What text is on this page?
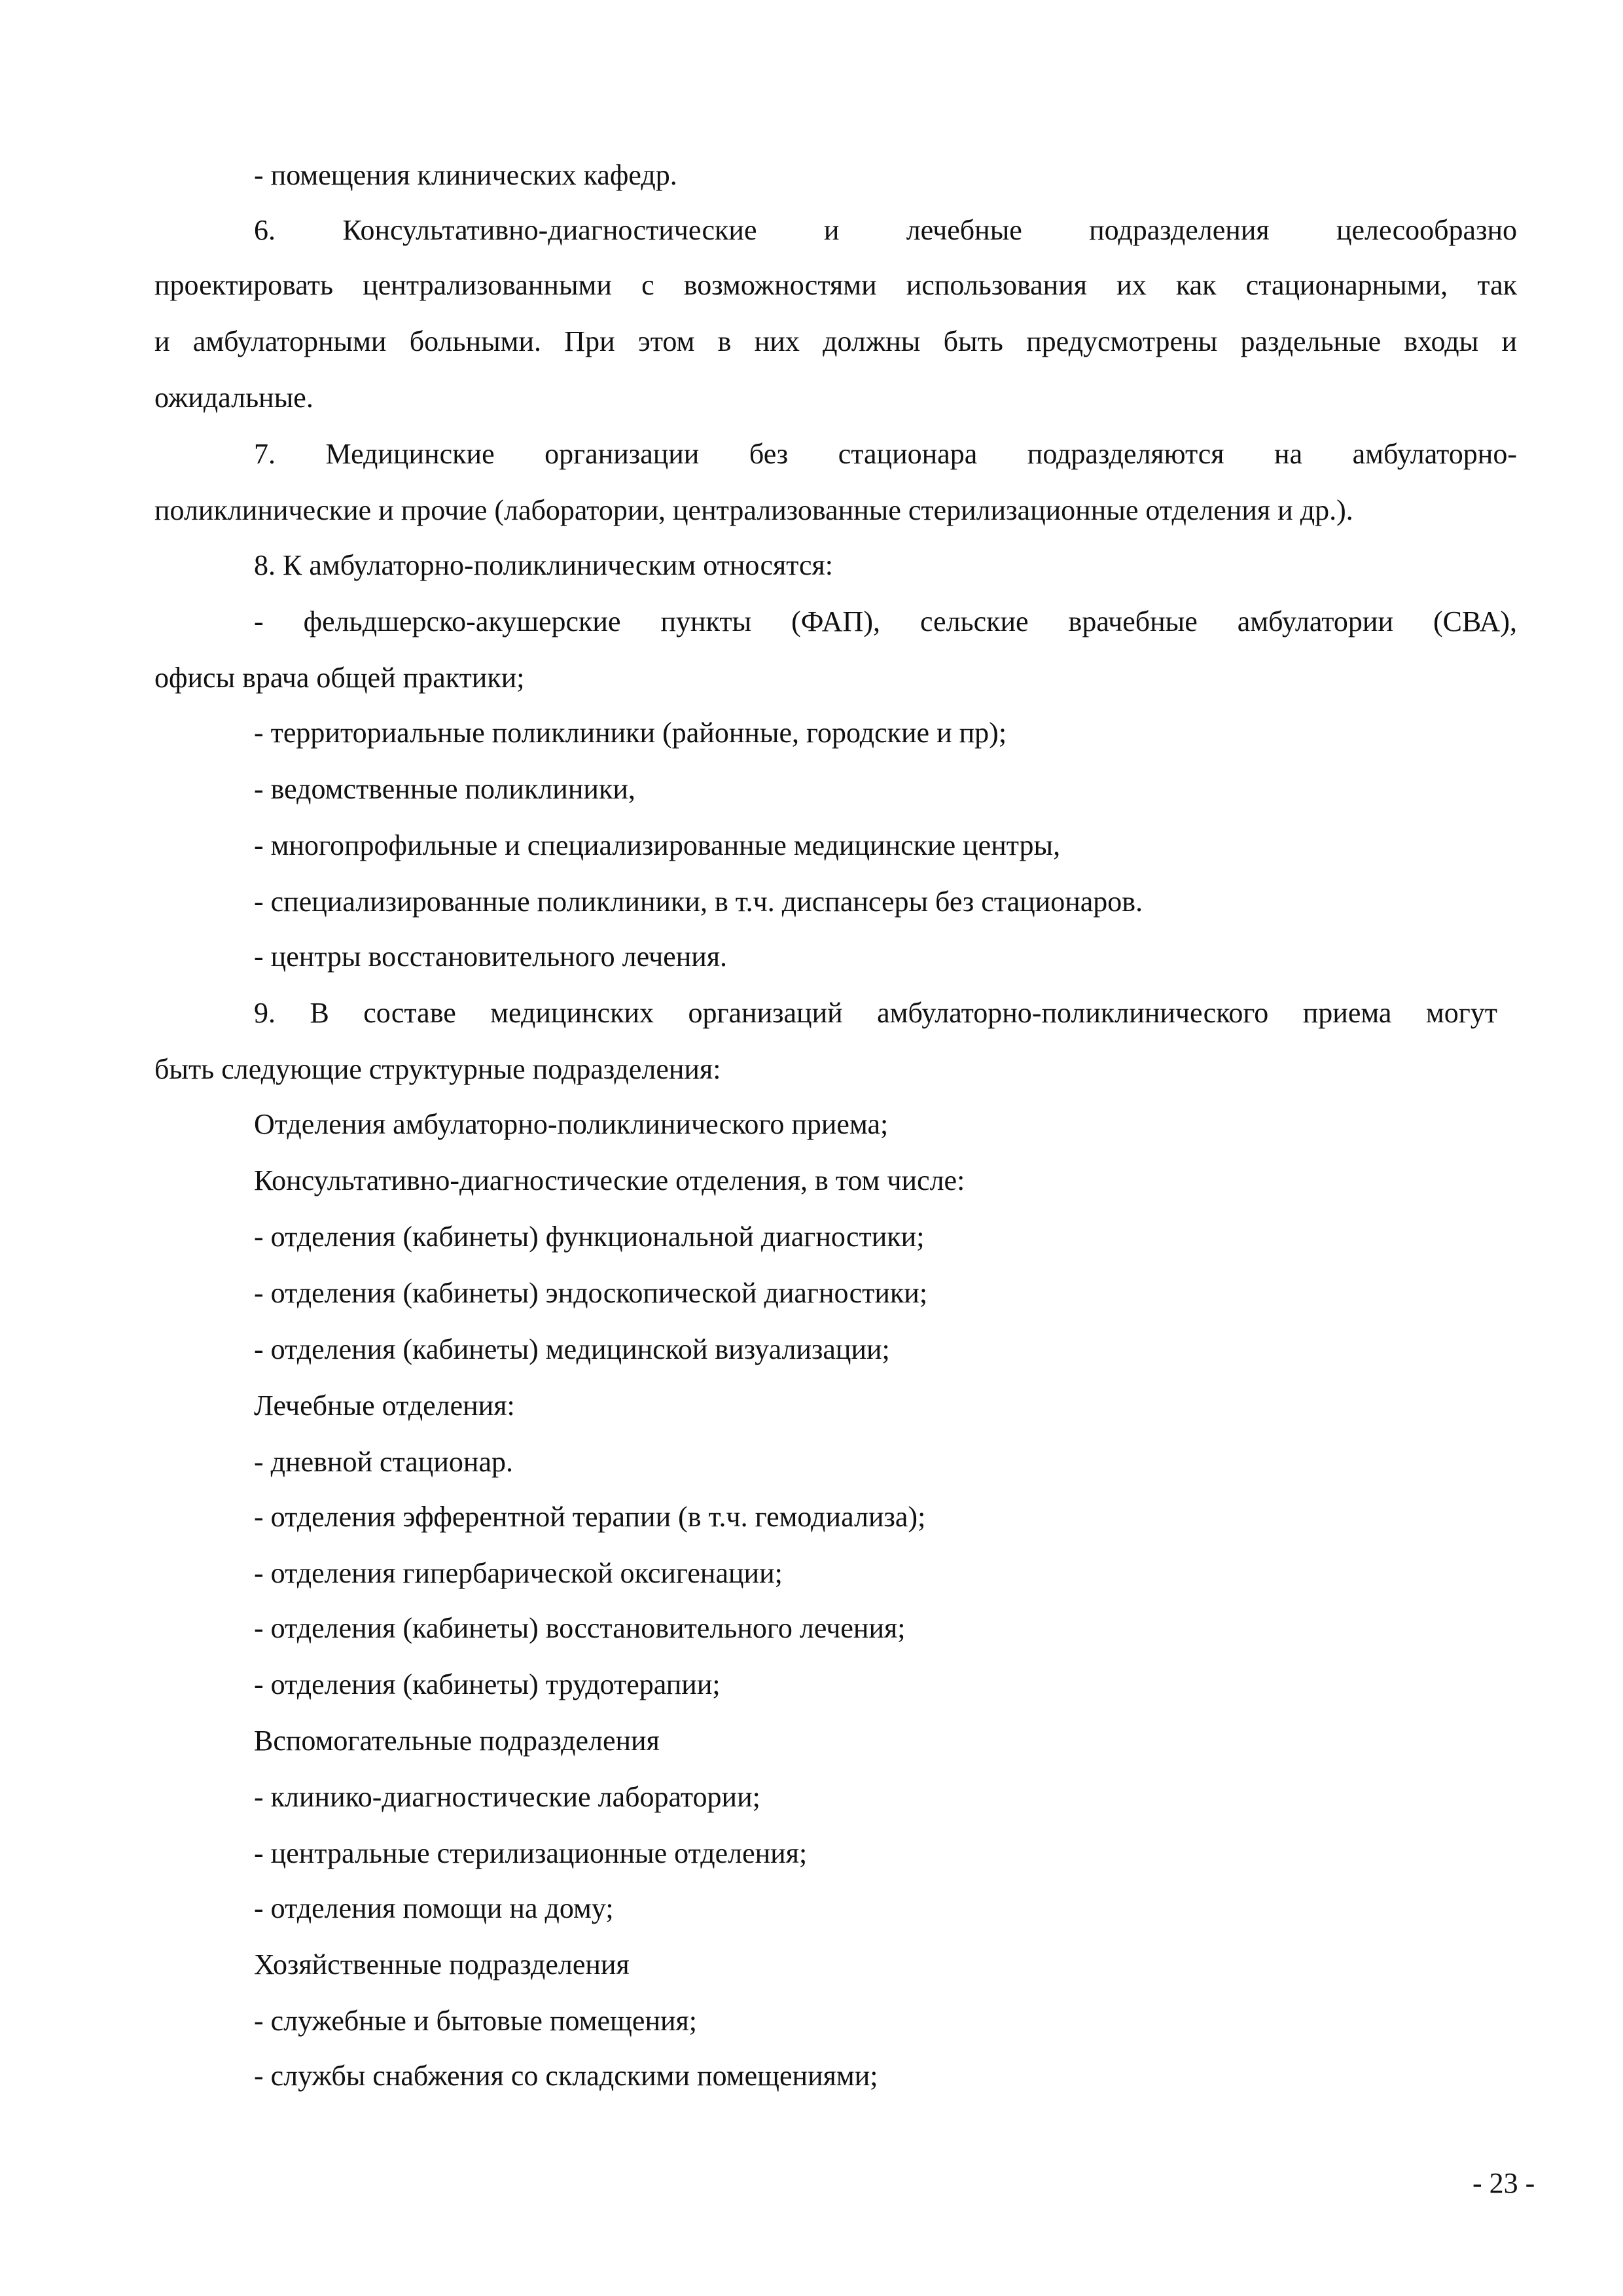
- помещения клинических кафедр.
6. Консультативно-диагностические и лечебные подразделения целесообразно
проектировать централизованными с возможностями использования их как стационарными, так
и амбулаторными больными. При этом в них должны быть предусмотрены раздельные входы и
ожидальные.
7. Медицинские организации без стационара подразделяются на амбулаторно-
поликлинические и прочие (лаборатории, централизованные стерилизационные отделения и др.).
8. К амбулаторно-поликлиническим относятся:
- фельдшерско-акушерские пункты (ФАП), сельские врачебные амбулатории (СВА),
офисы врача общей практики;
- территориальные поликлиники (районные, городские и пр);
- ведомственные поликлиники,
- многопрофильные и специализированные медицинские центры,
- специализированные поликлиники, в т.ч. диспансеры без стационаров.
- центры восстановительного лечения.
9. В составе медицинских организаций амбулаторно-поликлинического приема могут
быть следующие структурные подразделения:
Отделения амбулаторно-поликлинического приема;
Консультативно-диагностические отделения, в том числе:
- отделения (кабинеты) функциональной диагностики;
- отделения (кабинеты) эндоскопической диагностики;
- отделения (кабинеты) медицинской визуализации;
Лечебные отделения:
- дневной стационар.
- отделения эфферентной терапии (в т.ч. гемодиализа);
- отделения гипербарической оксигенации;
- отделения (кабинеты) восстановительного лечения;
- отделения (кабинеты) трудотерапии;
Вспомогательные подразделения
- клинико-диагностические лаборатории;
- центральные стерилизационные отделения;
- отделения помощи на дому;
Хозяйственные подразделения
- служебные и бытовые помещения;
- службы снабжения со складскими помещениями;
- 23 -
